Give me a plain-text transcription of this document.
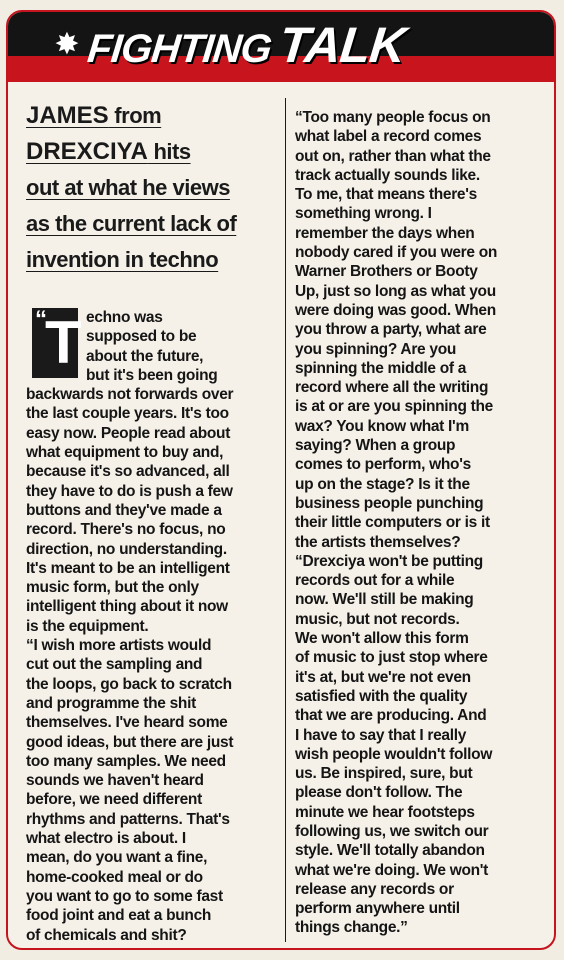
✸ FIGHTINGTALK
JAMES from
DREXCIYA hits
out at what he views
as the current lack of
invention in techno
“
T echno was
supposed to be
about the future,
but it's been going
backwards not forwards over
the last couple years. It's too
easy now. People read about
what equipment to buy and,
because it's so advanced, all
they have to do is push a few
buttons and they've made a
record. There's no focus, no
direction, no understanding.
It's meant to be an intelligent
music form, but the only
intelligent thing about it now
is the equipment.
“I wish more artists would
cut out the sampling and
the loops, go back to scratch
and programme the shit
themselves. I've heard some
good ideas, but there are just
too many samples. We need
sounds we haven't heard
before, we need different
rhythms and patterns. That's
what electro is about. I
mean, do you want a fine,
home-cooked meal or do
you want to go to some fast
food joint and eat a bunch
of chemicals and shit?
“Too many people focus on
what label a record comes
out on, rather than what the
track actually sounds like.
To me, that means there's
something wrong. I
remember the days when
nobody cared if you were on
Warner Brothers or Booty
Up, just so long as what you
were doing was good. When
you throw a party, what are
you spinning? Are you
spinning the middle of a
record where all the writing
is at or are you spinning the
wax? You know what I'm
saying? When a group
comes to perform, who's
up on the stage? Is it the
business people punching
their little computers or is it
the artists themselves?
“Drexciya won't be putting
records out for a while
now. We'll still be making
music, but not records.
We won't allow this form
of music to just stop where
it's at, but we're not even
satisfied with the quality
that we are producing. And
I have to say that I really
wish people wouldn't follow
us. Be inspired, sure, but
please don't follow. The
minute we hear footsteps
following us, we switch our
style. We'll totally abandon
what we're doing. We won't
release any records or
perform anywhere until
things change.”
